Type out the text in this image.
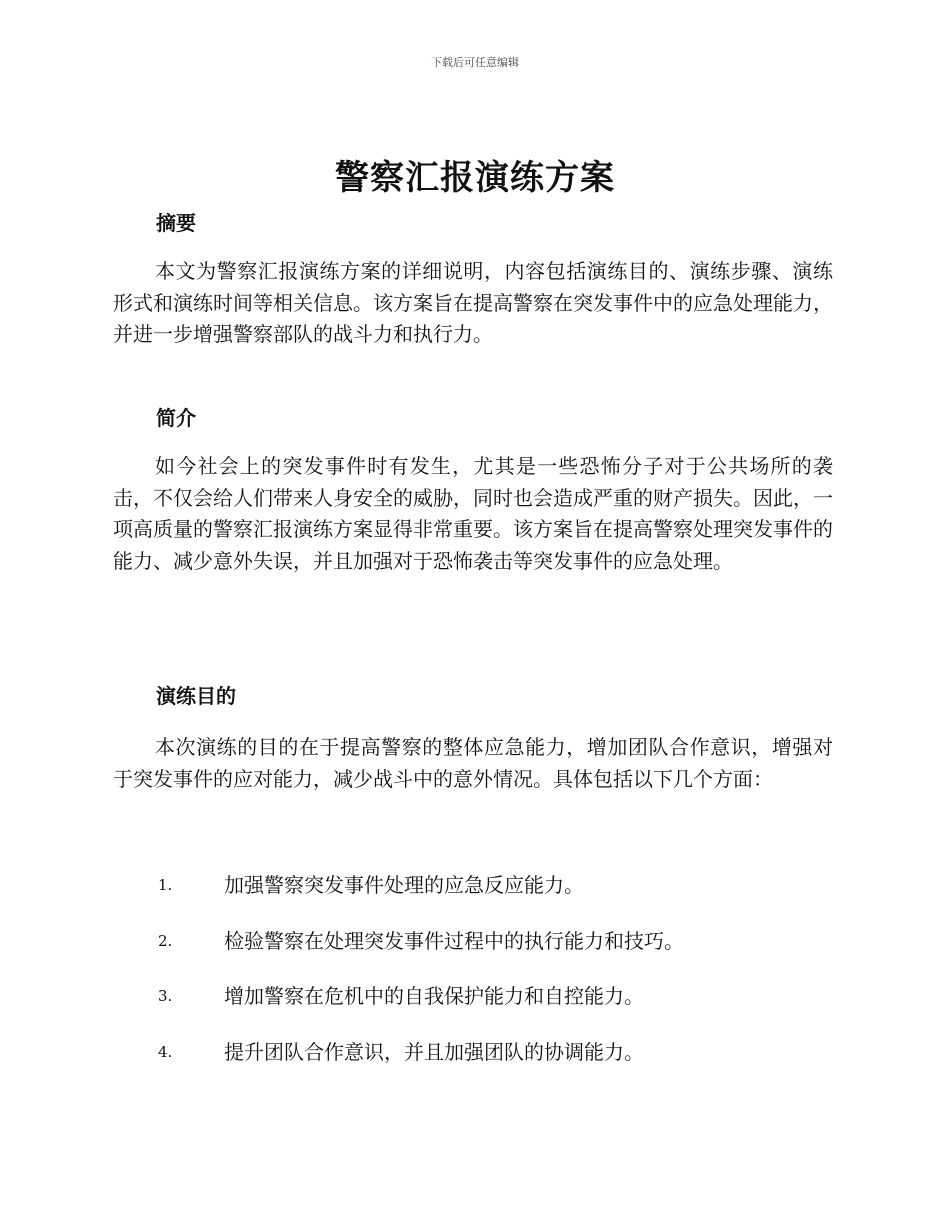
下载后可任意编辑
警察汇报演练方案
摘要

本文为警察汇报演练方案的详细说明，内容包括演练目的、演练步骤、演练形式和演练时间等相关信息。该方案旨在提高警察在突发事件中的应急处理能力，并进一步增强警察部队的战斗力和执行力。

简介

如今社会上的突发事件时有发生，尤其是一些恐怖分子对于公共场所的袭击，不仅会给人们带来人身安全的威胁，同时也会造成严重的财产损失。因此，一项高质量的警察汇报演练方案显得非常重要。该方案旨在提高警察处理突发事件的能力、减少意外失误，并且加强对于恐怖袭击等突发事件的应急处理。

演练目的

本次演练的目的在于提高警察的整体应急能力，增加团队合作意识，增强对于突发事件的应对能力，减少战斗中的意外情况。具体包括以下几个方面：

1.	加强警察突发事件处理的应急反应能力。
2.	检验警察在处理突发事件过程中的执行能力和技巧。
3.	增加警察在危机中的自我保护能力和自控能力。
4.	提升团队合作意识，并且加强团队的协调能力。
